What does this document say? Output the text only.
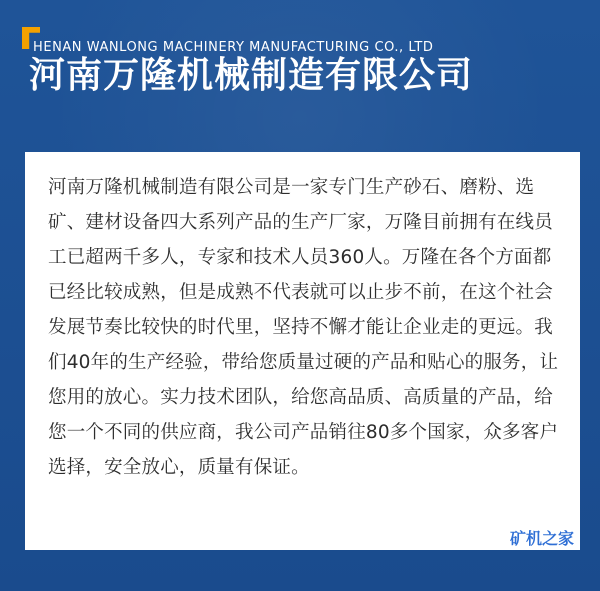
HENAN WANLONG MACHINERY MANUFACTURING CO., LTD
河南万隆机械制造有限公司

河南万隆机械制造有限公司是一家专门生产砂石、磨粉、选矿、建材设备四大系列产品的生产厂家，万隆目前拥有在线员工已超两千多人，专家和技术人员360人。万隆在各个方面都已经比较成熟，但是成熟不代表就可以止步不前，在这个社会发展节奏比较快的时代里，坚持不懈才能让企业走的更远。我们40年的生产经验，带给您质量过硬的产品和贴心的服务，让您用的放心。实力技术团队，给您高品质、高质量的产品，给您一个不同的供应商，我公司产品销往80多个国家，众多客户选择，安全放心，质量有保证。

矿机之家
